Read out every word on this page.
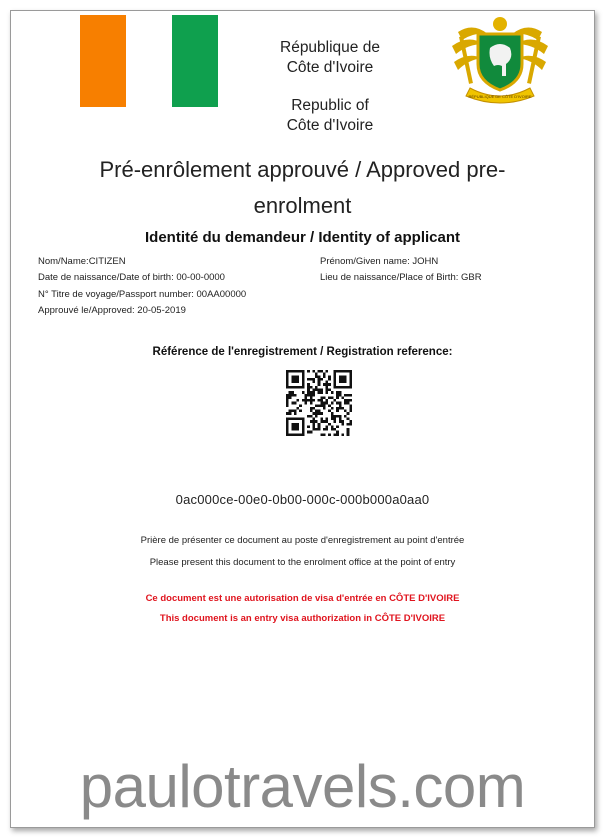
République de
Côte d'Ivoire
Republic of
Côte d'Ivoire
RÉPUBLIQUE DE CÔTE D'IVOIRE
Pré-enrôlement approuvé / Approved pre-
enrolment
Identité du demandeur / Identity of applicant
Nom/Name:CITIZEN	Prénom/Given name: JOHN
Date de naissance/Date of birth: 00-00-0000	Lieu de naissance/Place of Birth: GBR
N° Titre de voyage/Passport number: 00AA00000
Approuvé le/Approved: 20-05-2019
Référence de l'enregistrement / Registration reference:
0ac000ce-00e0-0b00-000c-000b000a0aa0
Prière de présenter ce document au poste d'enregistrement au point d'entrée
Please present this document to the enrolment office at the point of entry
Ce document est une autorisation de visa d'entrée en CÔTE D'IVOIRE
This document is an entry visa authorization in CÔTE D'IVOIRE
paulotravels.com
